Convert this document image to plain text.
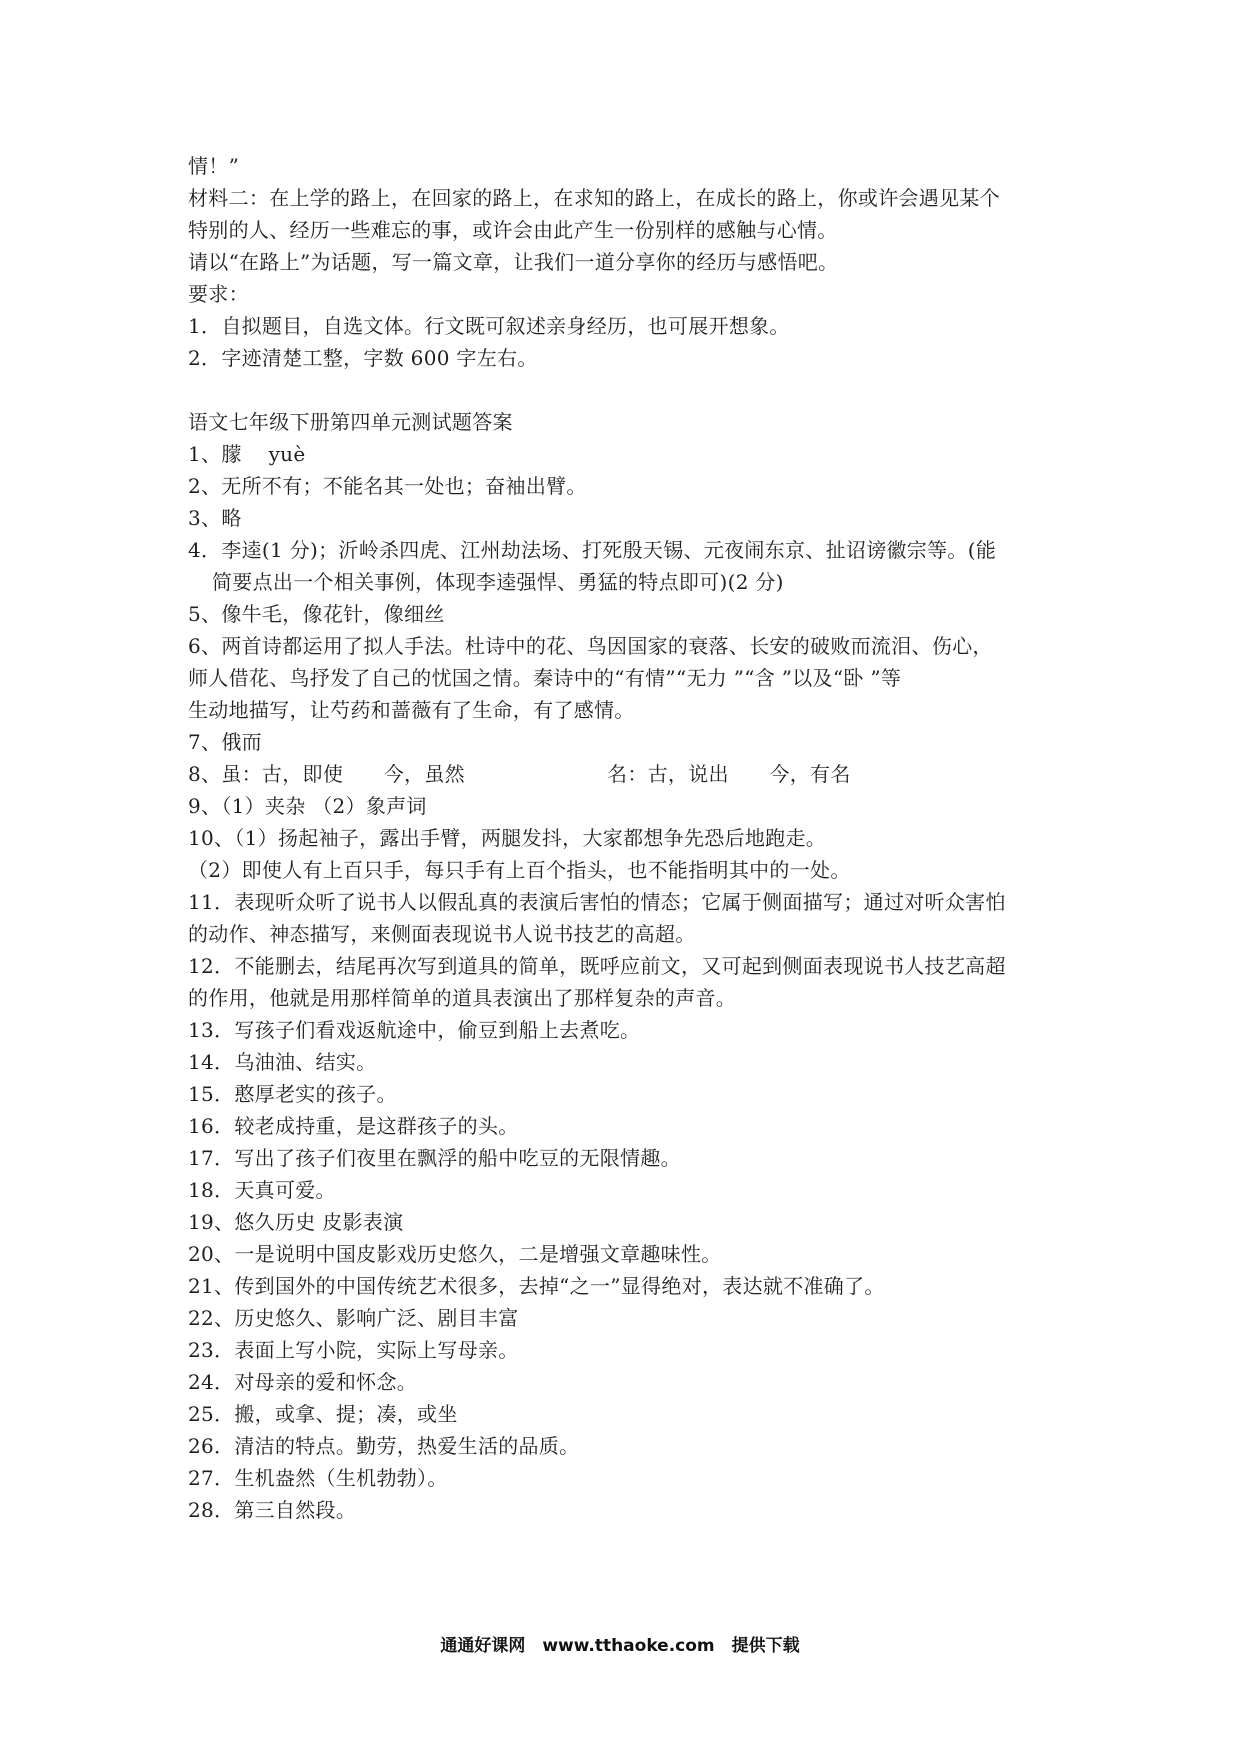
情！”
材料二：在上学的路上，在回家的路上，在求知的路上，在成长的路上，你或许会遇见某个
特别的人、经历一些难忘的事，或许会由此产生一份别样的感触与心情。
请以“在路上”为话题，写一篇文章，让我们一道分享你的经历与感悟吧。
要求：
1．自拟题目，自选文体。行文既可叙述亲身经历，也可展开想象。
2．字迹清楚工整，字数 600 字左右。
语文七年级下册第四单元测试题答案
1、朦　 yuè
2、无所不有；不能名其一处也；奋袖出臂。
3、略
4．李逵(1 分)；沂岭杀四虎、江州劫法场、打死殷天锡、元夜闹东京、扯诏谤徽宗等。(能
简要点出一个相关事例，体现李逵强悍、勇猛的特点即可)(2 分)
5、像牛毛，像花针，像细丝
6、两首诗都运用了拟人手法。杜诗中的花、鸟因国家的衰落、长安的破败而流泪、伤心，
师人借花、鸟抒发了自己的忧国之情。秦诗中的“有情”“无力 ”“含 ”以及“卧 ”等
生动地描写，让芍药和蔷薇有了生命，有了感情。
7、俄而
8、虽：古，即使　　今，虽然　　　　　　　名：古，说出　　今，有名
9、（1）夹杂 （2）象声词
10、（1）扬起袖子，露出手臂，两腿发抖，大家都想争先恐后地跑走。
（2）即使人有上百只手，每只手有上百个指头，也不能指明其中的一处。
11．表现听众听了说书人以假乱真的表演后害怕的情态；它属于侧面描写；通过对听众害怕
的动作、神态描写，来侧面表现说书人说书技艺的高超。
12．不能删去，结尾再次写到道具的简单，既呼应前文，又可起到侧面表现说书人技艺高超
的作用，他就是用那样简单的道具表演出了那样复杂的声音。
13．写孩子们看戏返航途中，偷豆到船上去煮吃。
14．乌油油、结实。
15．憨厚老实的孩子。
16．较老成持重，是这群孩子的头。
17．写出了孩子们夜里在飘浮的船中吃豆的无限情趣。
18．天真可爱。
19、悠久历史 皮影表演
20、一是说明中国皮影戏历史悠久，二是增强文章趣味性。
21、传到国外的中国传统艺术很多，去掉“之一”显得绝对，表达就不准确了。
22、历史悠久、影响广泛、剧目丰富
23．表面上写小院，实际上写母亲。
24．对母亲的爱和怀念。
25．搬，或拿、提；凑，或坐
26．清洁的特点。勤劳，热爱生活的品质。
27．生机盎然（生机勃勃）。
28．第三自然段。
通通好课网　www.tthaoke.com　提供下载
